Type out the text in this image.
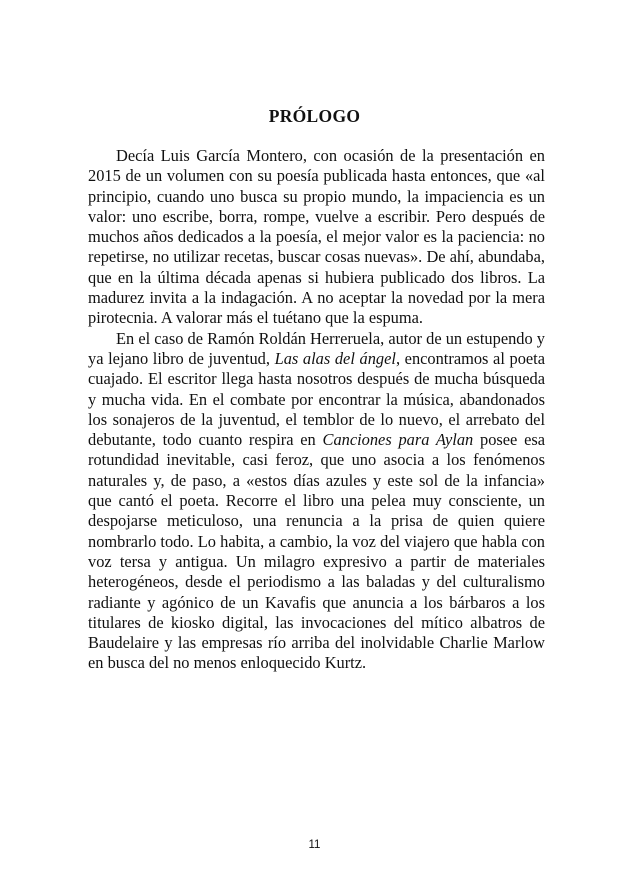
PRÓLOGO

Decía Luis García Montero, con ocasión de la presentación en 2015 de un volumen con su poesía publicada hasta entonces, que «al principio, cuando uno busca su propio mundo, la impaciencia es un valor: uno escribe, borra, rompe, vuelve a escribir. Pero después de muchos años dedicados a la poesía, el mejor valor es la paciencia: no repetirse, no utilizar recetas, buscar cosas nuevas». De ahí, abundaba, que en la última década apenas si hubiera publicado dos libros. La madurez invita a la indagación. A no aceptar la novedad por la mera pirotecnia. A valorar más el tuétano que la espuma.

En el caso de Ramón Roldán Herreruela, autor de un estupendo y ya lejano libro de juventud, Las alas del ángel, encontramos al poeta cuajado. El escritor llega hasta nosotros después de mucha búsqueda y mucha vida. En el combate por encontrar la música, abandonados los sonajeros de la juventud, el temblor de lo nuevo, el arrebato del debutante, todo cuanto respira en Canciones para Aylan posee esa rotundidad inevitable, casi feroz, que uno asocia a los fenómenos naturales y, de paso, a «estos días azules y este sol de la infancia» que cantó el poeta. Recorre el libro una pelea muy consciente, un despojarse meticuloso, una renuncia a la prisa de quien quiere nombrarlo todo. Lo habita, a cambio, la voz del viajero que habla con voz tersa y antigua. Un milagro expresivo a partir de materiales heterogéneos, desde el periodismo a las baladas y del culturalismo radiante y agónico de un Kavafis que anuncia a los bárbaros a los titulares de kiosko digital, las invocaciones del mítico albatros de Baudelaire y las empresas río arriba del inolvidable Charlie Marlow en busca del no menos enloquecido Kurtz.

11
